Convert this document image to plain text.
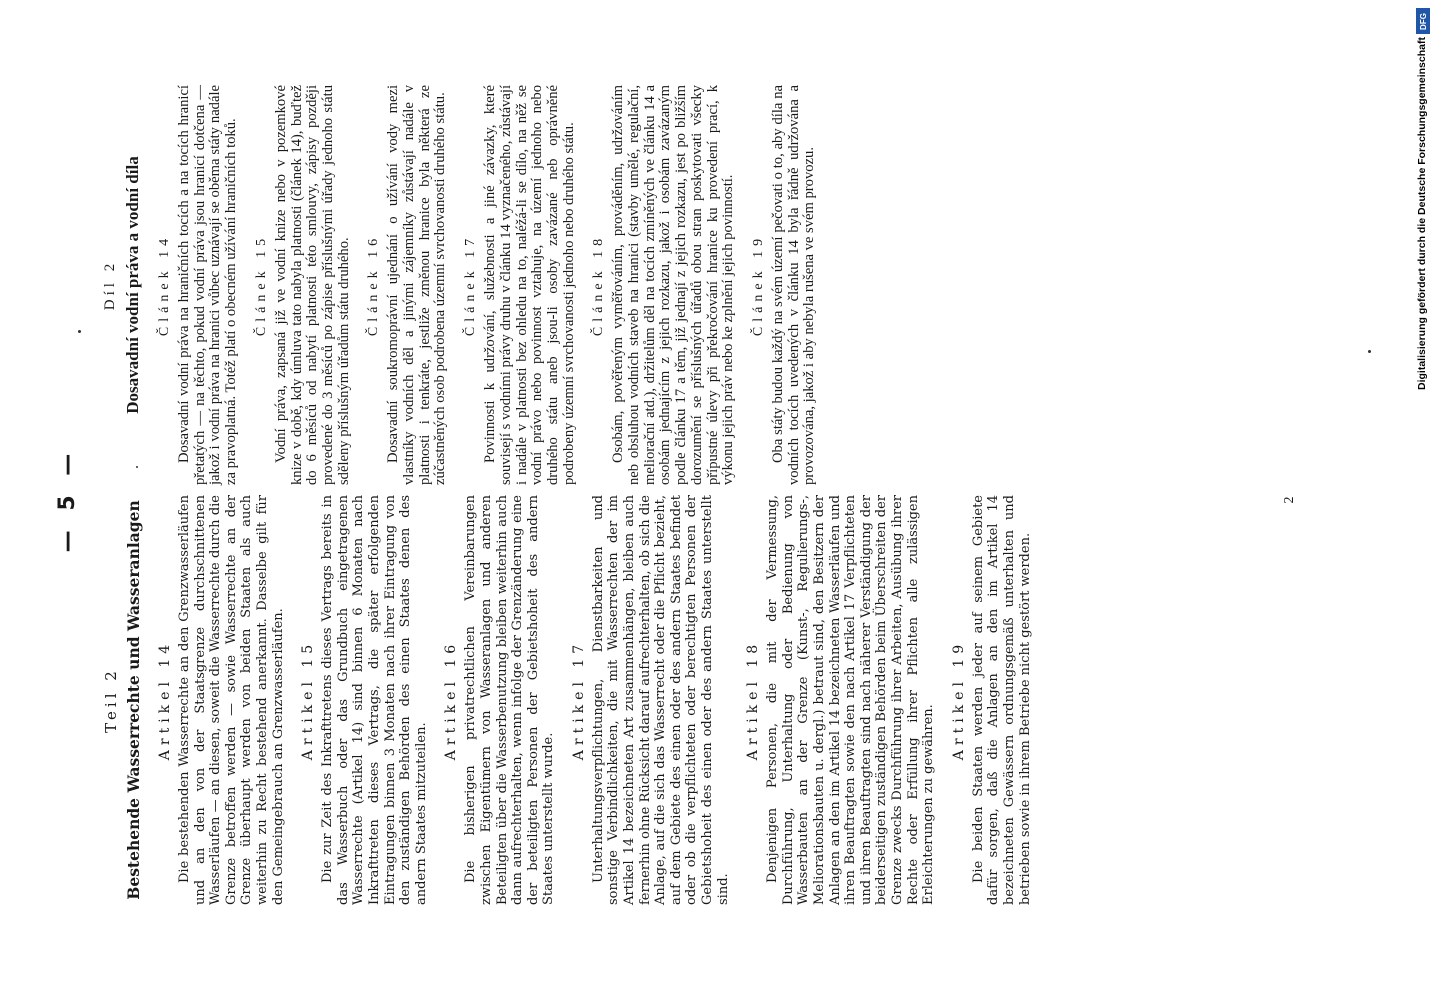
— 5 —
Teil 2 Bestehende Wasserrechte und Wasseranlagen Artikel 14 Die bestehenden Wasserrechte an den Grenzwasserläufen und an den von der Staatsgrenze durchschnittenen Wasserläufen — an diesen, soweit die Wasserrechte durch die Grenze betroffen werden — sowie Wasserrechte an der Grenze überhaupt werden von beiden Staaten als auch weiterhin zu Recht bestehend anerkannt. Dasselbe gilt für den Gemeingebrauch an Grenzwasserläufen. Artikel 15 Die zur Zeit des Inkrafttretens dieses Vertrags bereits in das Wasserbuch oder das Grundbuch eingetragenen Wasserrechte (Artikel 14) sind binnen 6 Monaten nach Inkrafttreten dieses Vertrags, die später erfolgenden Eintragungen binnen 3 Monaten nach ihrer Eintragung von den zuständigen Behörden des einen Staates denen des andern Staates mitzuteilen.

Artikel 16 Die bisherigen privatrechtlichen Vereinbarungen zwischen Eigentümern von Wasseranlagen und anderen Beteiligten über die Wasserbenutzung bleiben weiterhin auch dann aufrechterhalten, wenn infolge der Grenzänderung eine der beteiligten Personen der Gebietshoheit des andern Staates unterstellt wurde.

Artikel 17 Unterhaltungsverpflichtungen, Dienstbarkeiten und sonstige Verbindlichkeiten, die mit Wasserrechten der im Artikel 14 bezeichneten Art zusammenhängen, bleiben auch fernerhin ohne Rücksicht darauf aufrechterhalten, ob sich die Anlage, auf die sich das Wasserrecht oder die Pflicht bezieht, auf dem Gebiete des einen oder des andern Staates befindet oder ob die verpflichteten oder berechtigten Personen der Gebietshoheit des einen oder des andern Staates unterstellt sind.

Artikel 18 Denjenigen Personen, die mit der Vermessung, Durchführung, Unterhaltung oder Bedienung von Wasserbauten an der Grenze (Kunst-, Regulierungs-, Meliorationsbauten u. dergl.) betraut sind, den Besitzern der Anlagen an den im Artikel 14 bezeichneten Wasserläufen und ihren Beauftragten sowie den nach Artikel 17 Verpflichteten und ihren Beauftragten sind nach näherer Verständigung der beiderseitigen zuständigen Behörden beim Überschreiten der Grenze zwecks Durchführung ihrer Arbeiten, Ausübung ihrer Rechte oder Erfüllung ihrer Pflichten alle zulässigen Erleichterungen zu gewähren.

Artikel 19 Die beiden Staaten werden jeder auf seinem Gebiete dafür sorgen, daß die Anlagen an den im Artikel 14 bezeichneten Gewässern ordnungsgemäß unterhalten und betrieben sowie in ihrem Betriebe nicht gestört werden.

Díl 2 Dosavadní vodní práva a vodní díla Článek 14 Dosavadní vodní práva na hraničních tocích a na tocích hranicí přetatých — na těchto, pokud vodní práva jsou hranicí dotčena — jakož i vodní práva na hranici vůbec uznávají se oběma státy nadále za pravoplatná. Totéž platí o obecném užívání hraničních toků. Článek 15 Vodní práva, zapsaná již ve vodní knize nebo v pozemkové knize v době, kdy úmluva tato nabyla platnosti (článek 14), buďtež do 6 měsíců od nabytí platnosti této smlouvy, zápisy později provedené do 3 měsíců po zápise příslušnými úřady jednoho státu sděleny příslušným úřadům státu druhého. Článek 16 Dosavadní soukromoprávní ujednání o užívání vody mezi vlastníky vodních děl a jinými zájemníky zůstávají nadále v platnosti i tenkráte, jestliže změnou hranice byla některá ze zúčastněných osob podrobena územní svrchovanosti druhého státu. Článek 17 Povinnosti k udržování, služebnosti a jiné závazky, které souvisejí s vodními právy druhu v článku 14 vyznačeného, zůstávají i nadále v platnosti bez ohledu na to, naléžá-li se dílo, na něž se vodní právo nebo povinnost vztahuje, na území jednoho nebo druhého státu aneb jsou-li osoby zavázané neb oprávněné podrobeny územní svrchovanosti jednoho nebo druhého státu. Článek 18 Osobám, pověřeným vyměřováním, prováděním, udržováním neb obsluhou vodních staveb na hranici (stavby umělé, regulační, meliorační atd.), držitelům děl na tocích zmíněných ve článku 14 a osobám jednajícím z jejich rozkazu, jakož i osobám zavázaným podle článku 17 a těm, již jednají z jejich rozkazu, jest po bližším dorozumění se příslušných úřadů obou stran poskytovati všecky přípustné úlevy při překročování hranice ku provedení prací, k výkonu jejich práv nebo ke zplnění jejich povinností. Článek 19 Oba státy budou každý na svém území pečovati o to, aby díla na vodních tocích uvedených v článku 14 byla řádně udržována a provozována, jakož i aby nebyla rušena ve svém provozu.

2
DFG
Digitalisierung gefördert durch die Deutsche Forschungsgemeinschaft
